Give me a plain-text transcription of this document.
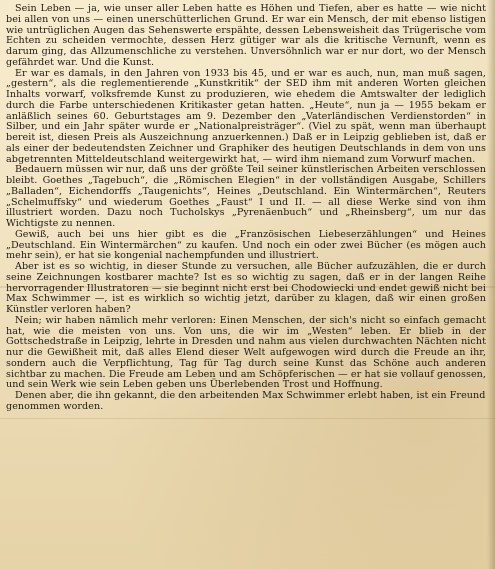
Sein Leben — ja, wie unser aller Leben hatte es Höhen und Tiefen, aber es hatte — wie nicht bei allen von uns — einen unerschütterlichen Grund. Er war ein Mensch, der mit ebenso listigen wie untrüglichen Augen das Sehenswerte erspähte, dessen Lebensweisheit das Trügerische vom Echten zu scheiden vermochte, dessen Herz gütiger war als die kritische Vernunft, wenn es darum ging, das Allzumenschliche zu verstehen. Unversöhnlich war er nur dort, wo der Mensch gefährdet war. Und die Kunst.

Er war es damals, in den Jahren von 1933 bis 45, und er war es auch, nun, man muß sagen, „gestern“, als die reglementierende „Kunstkritik“ der SED ihm mit anderen Worten gleichen Inhalts vorwarf, volksfremde Kunst zu produzieren, wie ehedem die Amtswalter der lediglich durch die Farbe unterschiedenen Kritikaster getan hatten. „Heute“, nun ja — 1955 bekam er anläßlich seines 60. Geburtstages am 9. Dezember den „Vaterländischen Verdienstorden“ in Silber, und ein Jahr später wurde er „Nationalpreisträger“. (Viel zu spät, wenn man überhaupt bereit ist, diesen Preis als Auszeichnung anzuerkennen.) Daß er in Leipzig geblieben ist, daß er als einer der bedeutendsten Zeichner und Graphiker des heutigen Deutschlands in dem von uns abgetrennten Mitteldeutschland weitergewirkt hat, — wird ihm niemand zum Vorwurf machen.

Bedauern müssen wir nur, daß uns der größte Teil seiner künstlerischen Arbeiten verschlossen bleibt. Goethes „Tagebuch“, die „Römischen Elegien“ in der vollständigen Ausgabe, Schillers „Balladen“, Eichendorffs „Taugenichts“, Heines „Deutschland. Ein Wintermärchen“, Reuters „Schelmuffsky“ und wiederum Goethes „Faust“ I und II. — all diese Werke sind von ihm illustriert worden. Dazu noch Tucholskys „Pyrenäenbuch“ und „Rheinsberg“, um nur das Wichtigste zu nennen.

Gewiß, auch bei uns hier gibt es die „Französischen Liebeserzählungen“ und Heines „Deutschland. Ein Wintermärchen“ zu kaufen. Und noch ein oder zwei Bücher (es mögen auch mehr sein), er hat sie kongenial nachempfunden und illustriert.

Aber ist es so wichtig, in dieser Stunde zu versuchen, alle Bücher aufzuzählen, die er durch seine Zeichnungen kostbarer machte? Ist es so wichtig zu sagen, daß er in der langen Reihe hervorragender Illustratoren — sie beginnt nicht erst bei Chodowiecki und endet gewiß nicht bei Max Schwimmer —, ist es wirklich so wichtig jetzt, darüber zu klagen, daß wir einen großen Künstler verloren haben?

Nein; wir haben nämlich mehr verloren: Einen Menschen, der sich's nicht so einfach gemacht hat, wie die meisten von uns. Von uns, die wir im „Westen“ leben. Er blieb in der Gottschedstraße in Leipzig, lehrte in Dresden und nahm aus vielen durchwachten Nächten nicht nur die Gewißheit mit, daß alles Elend dieser Welt aufgewogen wird durch die Freude an ihr, sondern auch die Verpflichtung, Tag für Tag durch seine Kunst das Schöne auch anderen sichtbar zu machen. Die Freude am Leben und am Schöpferischen — er hat sie vollauf genossen, und sein Werk wie sein Leben geben uns Überlebenden Trost und Hoffnung.

Denen aber, die ihn gekannt, die den arbeitenden Max Schwimmer erlebt haben, ist ein Freund genommen worden.
